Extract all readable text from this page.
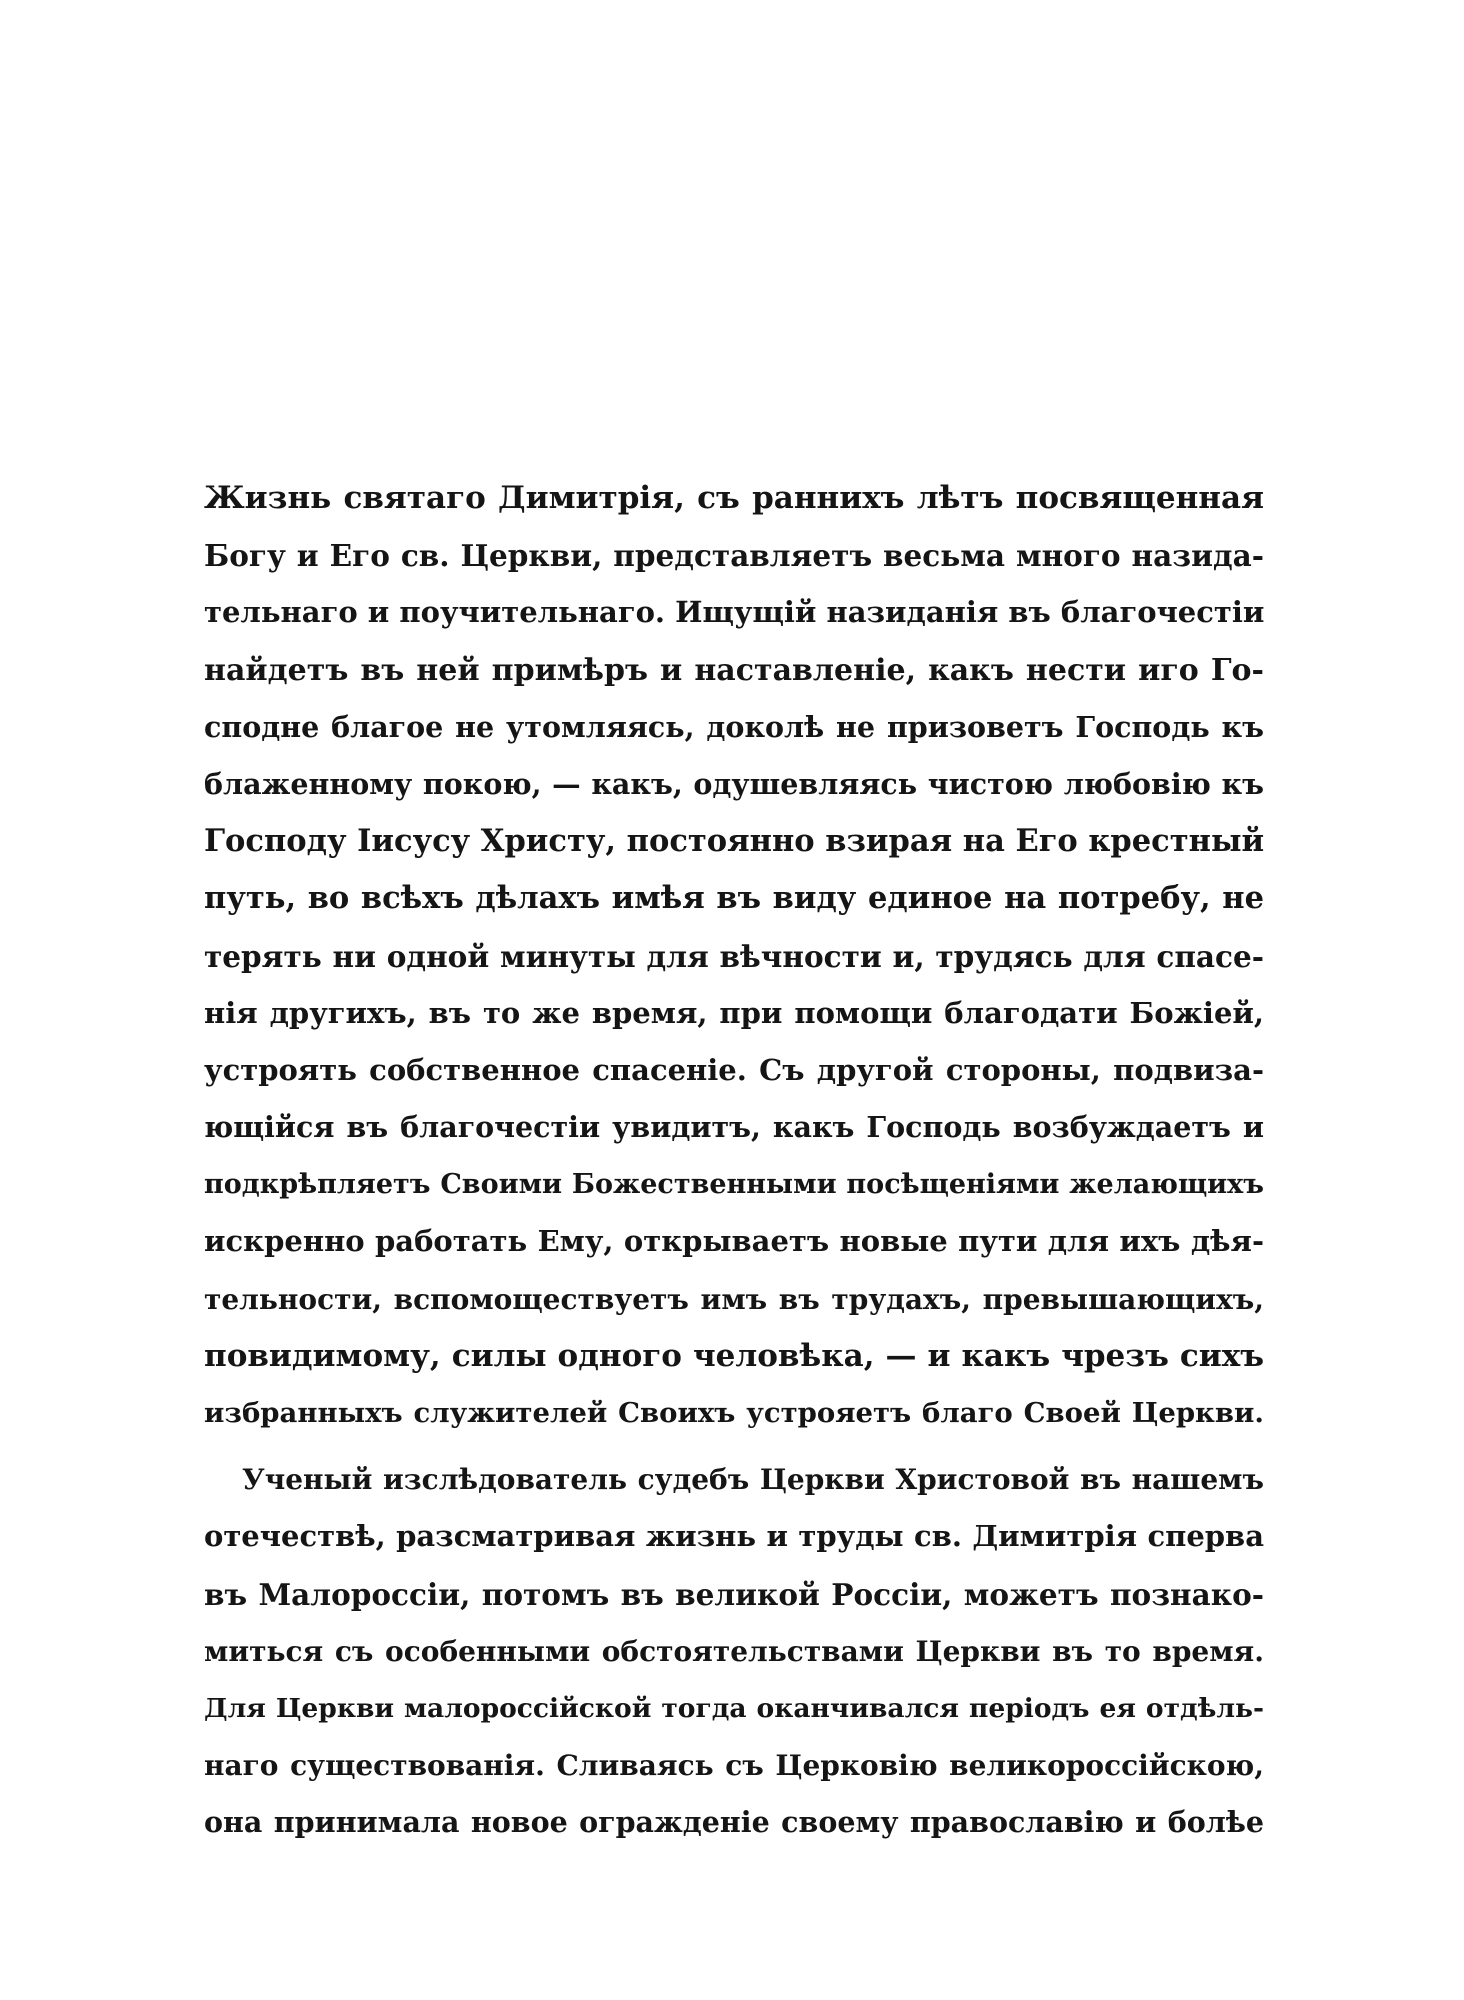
Жизнь святаго Димитрія, съ раннихъ лѣтъ посвященная
Богу и Его св. Церкви, представляетъ весьма много назида-
тельнаго и поучительнаго. Ищущій назиданія въ благочестіи
найдетъ въ ней примѣръ и наставленіе, какъ нести иго Го-
сподне благое не утомляясь, доколѣ не призоветъ Господь къ
блаженному покою, — какъ, одушевляясь чистою любовію къ
Господу Іисусу Христу, постоянно взирая на Его крестный
путь, во всѣхъ дѣлахъ имѣя въ виду единое на потребу, не
терять ни одной минуты для вѣчности и, трудясь для спасе-
нія другихъ, въ то же время, при помощи благодати Божіей,
устроять собственное спасеніе. Съ другой стороны, подвиза-
ющійся въ благочестіи увидитъ, какъ Господь возбуждаетъ и
подкрѣпляетъ Своими Божественными посѣщеніями желающихъ
искренно работать Ему, открываетъ новые пути для ихъ дѣя-
тельности, вспомоществуетъ имъ въ трудахъ, превышающихъ,
повидимому, силы одного человѣка, — и какъ чрезъ сихъ
избранныхъ служителей Своихъ устрояетъ благо Своей Церкви.
Ученый изслѣдователь судебъ Церкви Христовой въ нашемъ
отечествѣ, разсматривая жизнь и труды св. Димитрія сперва
въ Малороссіи, потомъ въ великой Россіи, можетъ познако-
миться съ особенными обстоятельствами Церкви въ то время.
Для Церкви малороссійской тогда оканчивался періодъ ея отдѣль-
наго существованія. Сливаясь съ Церковію великороссійскою,
она принимала новое огражденіе своему православію и болѣе
